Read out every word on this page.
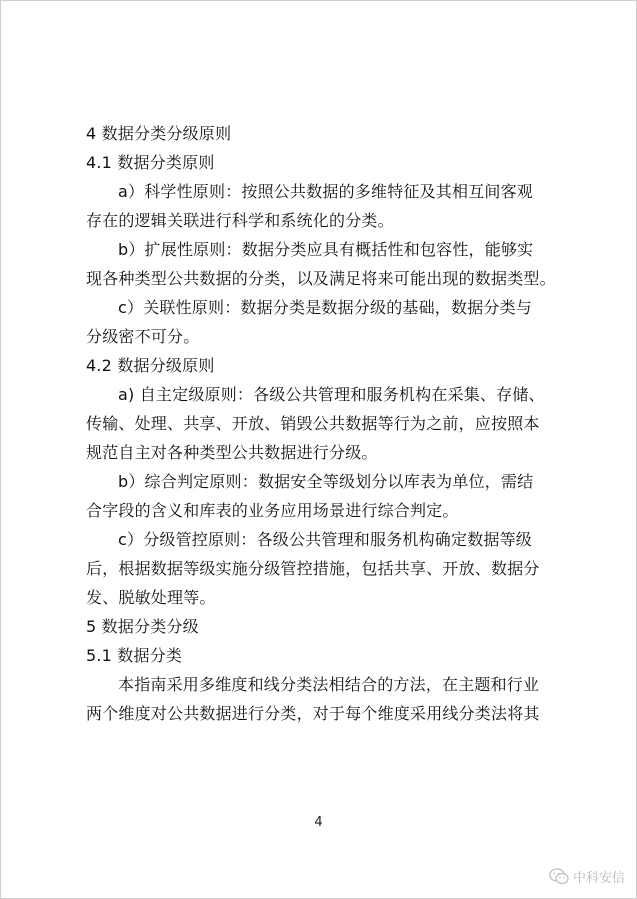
4 数据分类分级原则
4.1 数据分类原则
a）科学性原则：按照公共数据的多维特征及其相互间客观
存在的逻辑关联进行科学和系统化的分类。
b）扩展性原则：数据分类应具有概括性和包容性，能够实
现各种类型公共数据的分类，以及满足将来可能出现的数据类型。
c）关联性原则：数据分类是数据分级的基础，数据分类与
分级密不可分。
4.2 数据分级原则
a) 自主定级原则：各级公共管理和服务机构在采集、存储、
传输、处理、共享、开放、销毁公共数据等行为之前，应按照本
规范自主对各种类型公共数据进行分级。
b）综合判定原则：数据安全等级划分以库表为单位，需结
合字段的含义和库表的业务应用场景进行综合判定。
c）分级管控原则：各级公共管理和服务机构确定数据等级
后，根据数据等级实施分级管控措施，包括共享、开放、数据分
发、脱敏处理等。
5 数据分类分级
5.1 数据分类
本指南采用多维度和线分类法相结合的方法，在主题和行业
两个维度对公共数据进行分类，对于每个维度采用线分类法将其
4
中科安信
